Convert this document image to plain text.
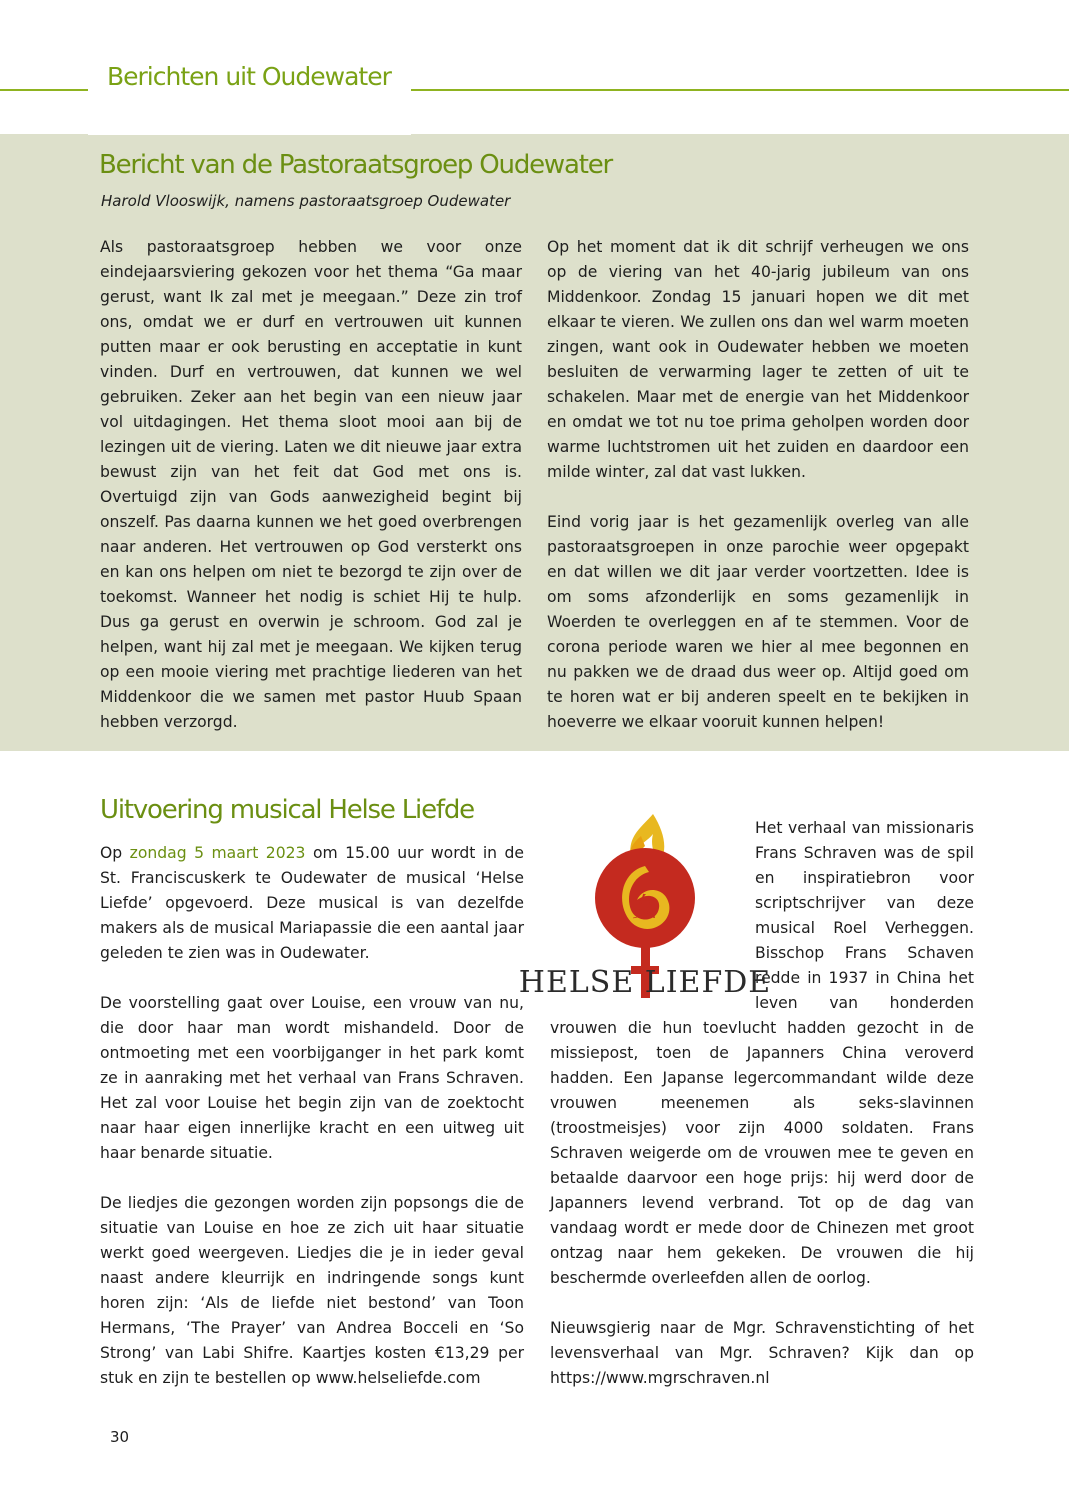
Berichten uit Oudewater
Bericht van de Pastoraatsgroep Oudewater

Harold Vlooswijk, namens pastoraatsgroep Oudewater

Als pastoraatsgroep hebben we voor onze eindejaarsviering gekozen voor het thema “Ga maar gerust, want Ik zal met je meegaan.” Deze zin trof ons, omdat we er durf en vertrouwen uit kunnen putten maar er ook berusting en acceptatie in kunt vinden. Durf en vertrouwen, dat kunnen we wel gebruiken. Zeker aan het begin van een nieuw jaar vol uitdagingen. Het thema sloot mooi aan bij de lezingen uit de viering. Laten we dit nieuwe jaar extra bewust zijn van het feit dat God met ons is. Overtuigd zijn van Gods aanwezigheid begint bij onszelf. Pas daarna kunnen we het goed overbrengen naar anderen. Het vertrouwen op God versterkt ons en kan ons helpen om niet te bezorgd te zijn over de toekomst. Wanneer het nodig is schiet Hij te hulp. Dus ga gerust en overwin je schroom. God zal je helpen, want hij zal met je meegaan. We kijken terug op een mooie viering met prachtige liederen van het Middenkoor die we samen met pastor Huub Spaan hebben verzorgd.

Op het moment dat ik dit schrijf verheugen we ons op de viering van het 40-jarig jubileum van ons Middenkoor. Zondag 15 januari hopen we dit met elkaar te vieren. We zullen ons dan wel warm moeten zingen, want ook in Oudewater hebben we moeten besluiten de verwarming lager te zetten of uit te schakelen. Maar met de energie van het Middenkoor en omdat we tot nu toe prima geholpen worden door warme luchtstromen uit het zuiden en daardoor een milde winter, zal dat vast lukken.

Eind vorig jaar is het gezamenlijk overleg van alle pastoraatsgroepen in onze parochie weer opgepakt en dat willen we dit jaar verder voortzetten. Idee is om soms afzonderlijk en soms gezamenlijk in Woerden te overleggen en af te stemmen. Voor de corona periode waren we hier al mee begonnen en nu pakken we de draad dus weer op. Altijd goed om te horen wat er bij anderen speelt en te bekijken in hoeverre we elkaar vooruit kunnen helpen!

Uitvoering musical Helse Liefde

Op zondag 5 maart 2023 om 15.00 uur wordt in de St. Franciscuskerk te Oudewater de musical ‘Helse Liefde’ opgevoerd. Deze musical is van dezelfde makers als de musical Mariapassie die een aantal jaar geleden te zien was in Oudewater.

De voorstelling gaat over Louise, een vrouw van nu, die door haar man wordt mishandeld. Door de ontmoeting met een voorbijganger in het park komt ze in aanraking met het verhaal van Frans Schraven. Het zal voor Louise het begin zijn van de zoektocht naar haar eigen innerlijke kracht en een uitweg uit haar benarde situatie.

De liedjes die gezongen worden zijn popsongs die de situatie van Louise en hoe ze zich uit haar situatie werkt goed weergeven. Liedjes die je in ieder geval naast andere kleurrijk en indringende songs kunt horen zijn: ‘Als de liefde niet bestond’ van Toon Hermans, ‘The Prayer’ van Andrea Bocceli en ‘So Strong’ van Labi Shifre. Kaartjes kosten €13,29 per stuk en zijn te bestellen op www.helseliefde.com

Het verhaal van missionaris Frans Schraven was de spil en inspiratiebron voor scriptschrijver van deze musical Roel Verheggen. Bisschop Frans Schaven redde in 1937 in China het leven van honderden vrouwen die hun toevlucht hadden gezocht in de missiepost, toen de Japanners China veroverd hadden. Een Japanse legercommandant wilde deze vrouwen meenemen als seks-slavinnen (troostmeisjes) voor zijn 4000 soldaten. Frans Schraven weigerde om de vrouwen mee te geven en betaalde daarvoor een hoge prijs: hij werd door de Japanners levend verbrand. Tot op de dag van vandaag wordt er mede door de Chinezen met groot ontzag naar hem gekeken. De vrouwen die hij beschermde overleefden allen de oorlog.

Nieuwsgierig naar de Mgr. Schravenstichting of het levensverhaal van Mgr. Schraven? Kijk dan op https://www.mgrschraven.nl

女
HELSE LIEFDE
30
